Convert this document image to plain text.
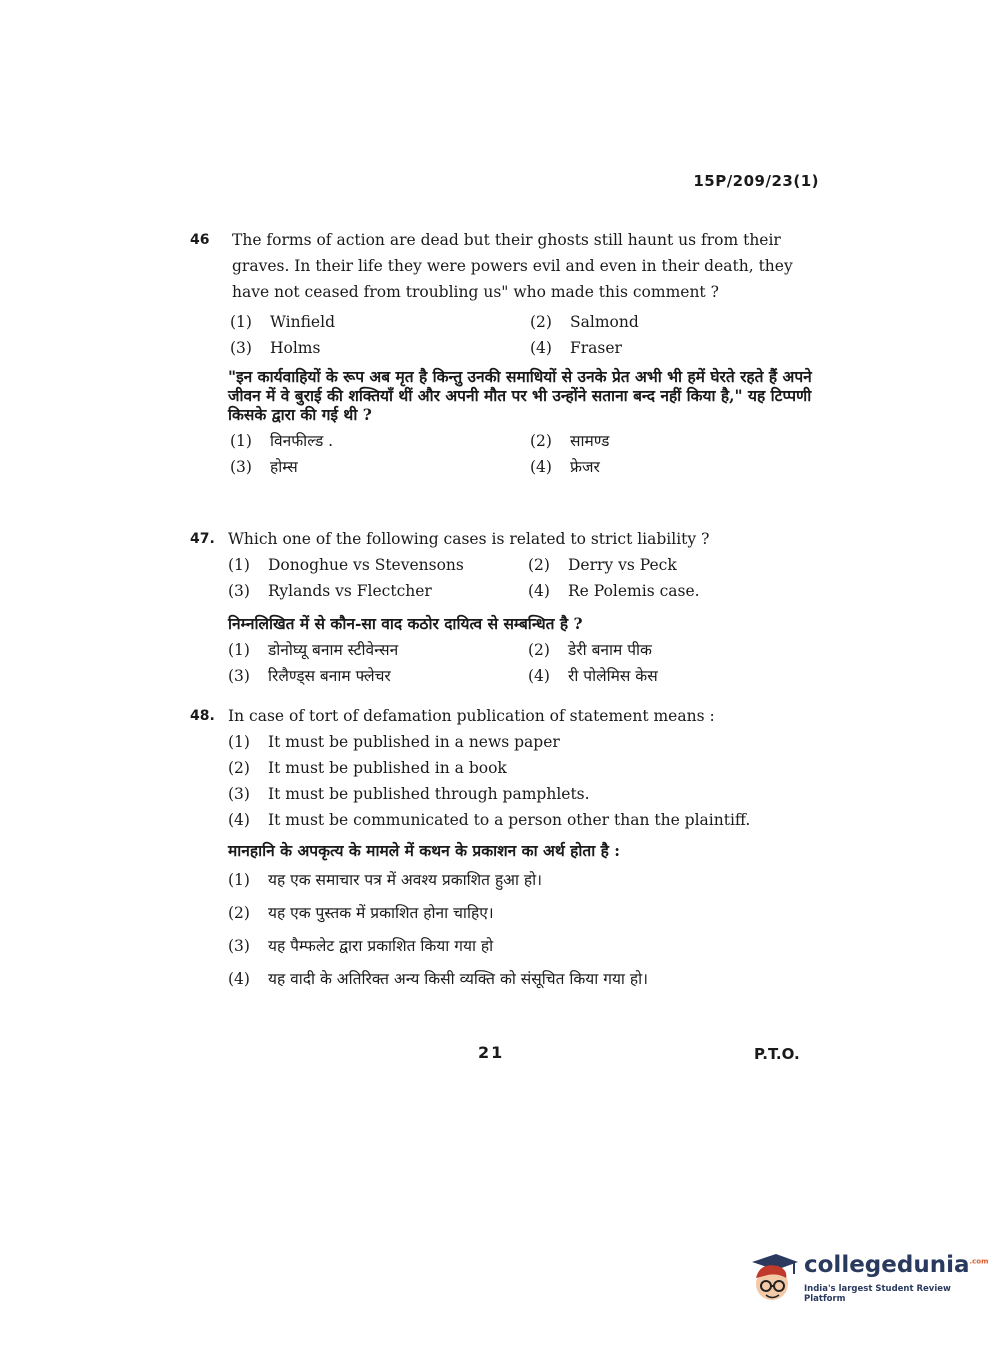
15P/209/23(1)
46 The forms of action are dead but their ghosts still haunt us from their graves. In their life they were powers evil and even in their death, they have not ceased from troubling us" who made this comment ?
(1) Winfield	(2) Salmond
(3) Holms	(4) Fraser
"इन कार्यवाहियों के रूप अब मृत है किन्तु उनकी समाधियों से उनके प्रेत अभी भी हमें घेरते रहते हैं अपने जीवन में वे बुराई की शक्तियाँ थीं और अपनी मौत पर भी उन्होंने सताना बन्द नहीं किया है," यह टिप्पणी किसके द्वारा की गई थी ?
(1) विनफील्ड .	(2) सामण्ड
(3) होम्स	(4) फ्रेजर
47. Which one of the following cases is related to strict liability ?
(1) Donoghue vs Stevensons	(2) Derry vs Peck
(3) Rylands vs Flectcher	(4) Re Polemis case.
निम्नलिखित में से कौन-सा वाद कठोर दायित्व से सम्बन्धित है ?
(1) डोनोघ्यू बनाम स्टीवेन्सन	(2) डेरी बनाम पीक
(3) रिलैण्ड्स बनाम फ्लेचर	(4) री पोलेमिस केस
48. In case of tort of defamation publication of statement means :
(1) It must be published in a news paper
(2) It must be published in a book
(3) It must be published through pamphlets.
(4) It must be communicated to a person other than the plaintiff.
मानहानि के अपकृत्य के मामले में कथन के प्रकाशन का अर्थ होता है :
(1) यह एक समाचार पत्र में अवश्य प्रकाशित हुआ हो।
(2) यह एक पुस्तक में प्रकाशित होना चाहिए।
(3) यह पैम्फलेट द्वारा प्रकाशित किया गया हो
(4) यह वादी के अतिरिक्त अन्य किसी व्यक्ति को संसूचित किया गया हो।
21	P.T.O.
collegedunia$^{.com}$
India's largest Student Review Platform
